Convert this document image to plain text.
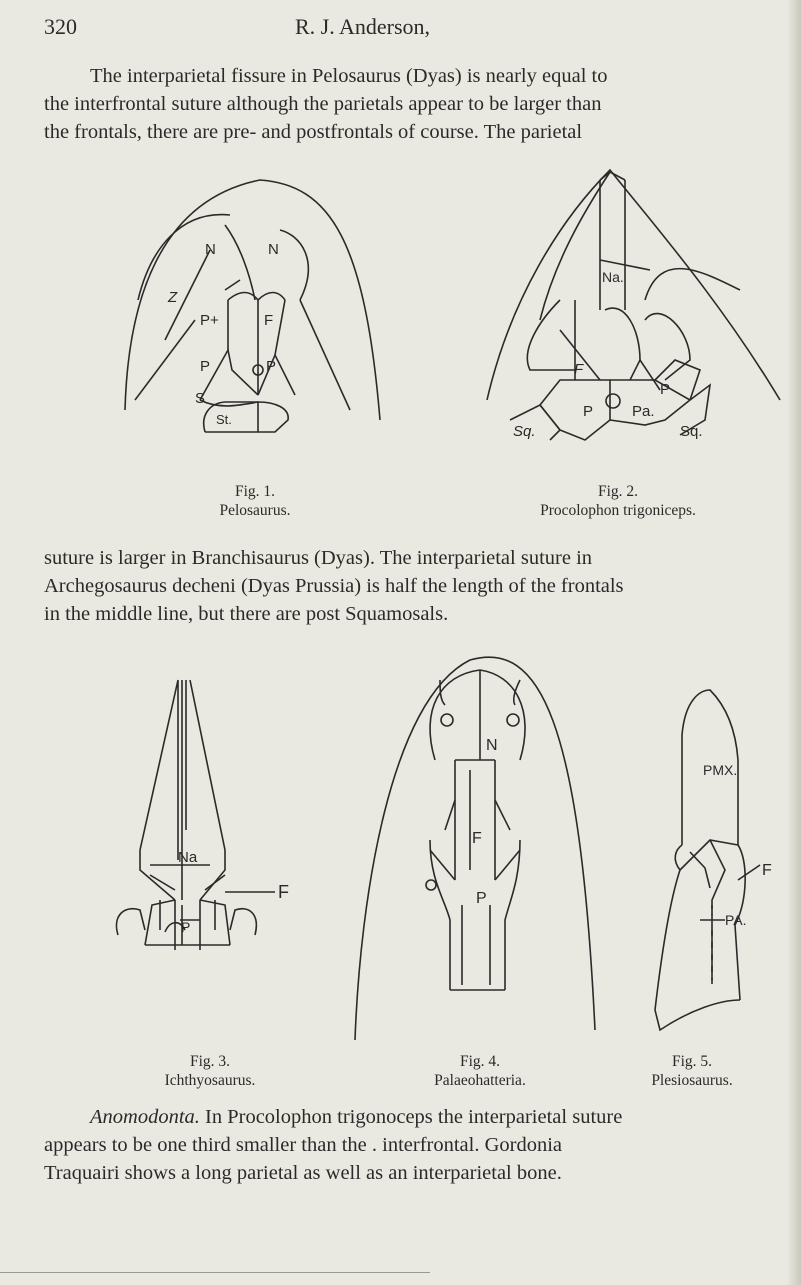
320	R. J. Anderson,

The interparietal fissure in Pelosaurus (Dyas) is nearly equal to
the interfrontal suture although the parietals appear to be larger than
the frontals, there are pre- and postfrontals of course. The parietal

N	N
Z
P+	F
P	P
S
St.
Na.
F
P
P
Pa.
Sq.	Sq.
Fig. 1.
Pelosaurus.
Fig. 2.
Procolophon trigoniceps.

suture is larger in Branchisaurus (Dyas). The interparietal suture in
Archegosaurus decheni (Dyas Prussia) is half the length of the frontals
in the middle line, but there are post Squamosals.

Na
F
P
N
F
P
PMX.
F
PA.
Fig. 3.
Ichthyosaurus.
Fig. 4.
Palaeohatteria.
Fig. 5.
Plesiosaurus.

Anomodonta. In Procolophon trigonoceps the interparietal suture
appears to be one third smaller than the . interfrontal. Gordonia
Traquairi shows a long parietal as well as an interparietal bone.
